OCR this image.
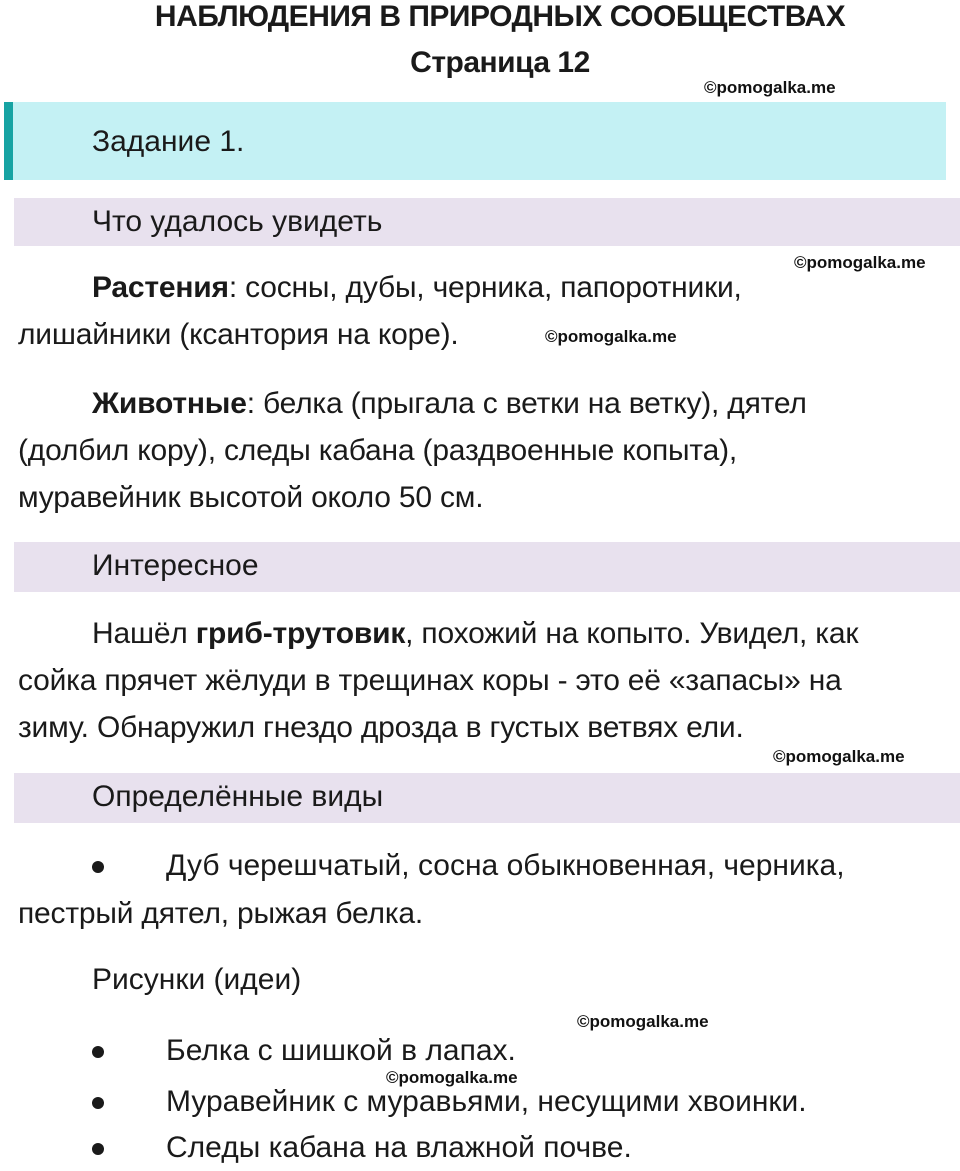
НАБЛЮДЕНИЯ В ПРИРОДНЫХ СООБЩЕСТВАХ
Страница 12
©pomogalka.me
Задание 1.
Что удалось увидеть
©pomogalka.me
Растения: сосны, дубы, черника, папоротники,
лишайники (ксантория на коре).	©pomogalka.me
Животные: белка (прыгала с ветки на ветку), дятел
(долбил кору), следы кабана (раздвоенные копыта),
муравейник высотой около 50 см.
Интересное
Нашёл гриб-трутовик, похожий на копыто. Увидел, как
сойка прячет жёлуди в трещинах коры - это её «запасы» на
зиму. Обнаружил гнездо дрозда в густых ветвях ели.
©pomogalka.me
Определённые виды
Дуб черешчатый, сосна обыкновенная, черника,
пестрый дятел, рыжая белка.
Рисунки (идеи)
©pomogalka.me
Белка с шишкой в лапах.
©pomogalka.me
Муравейник с муравьями, несущими хвоинки.
Следы кабана на влажной почве.
